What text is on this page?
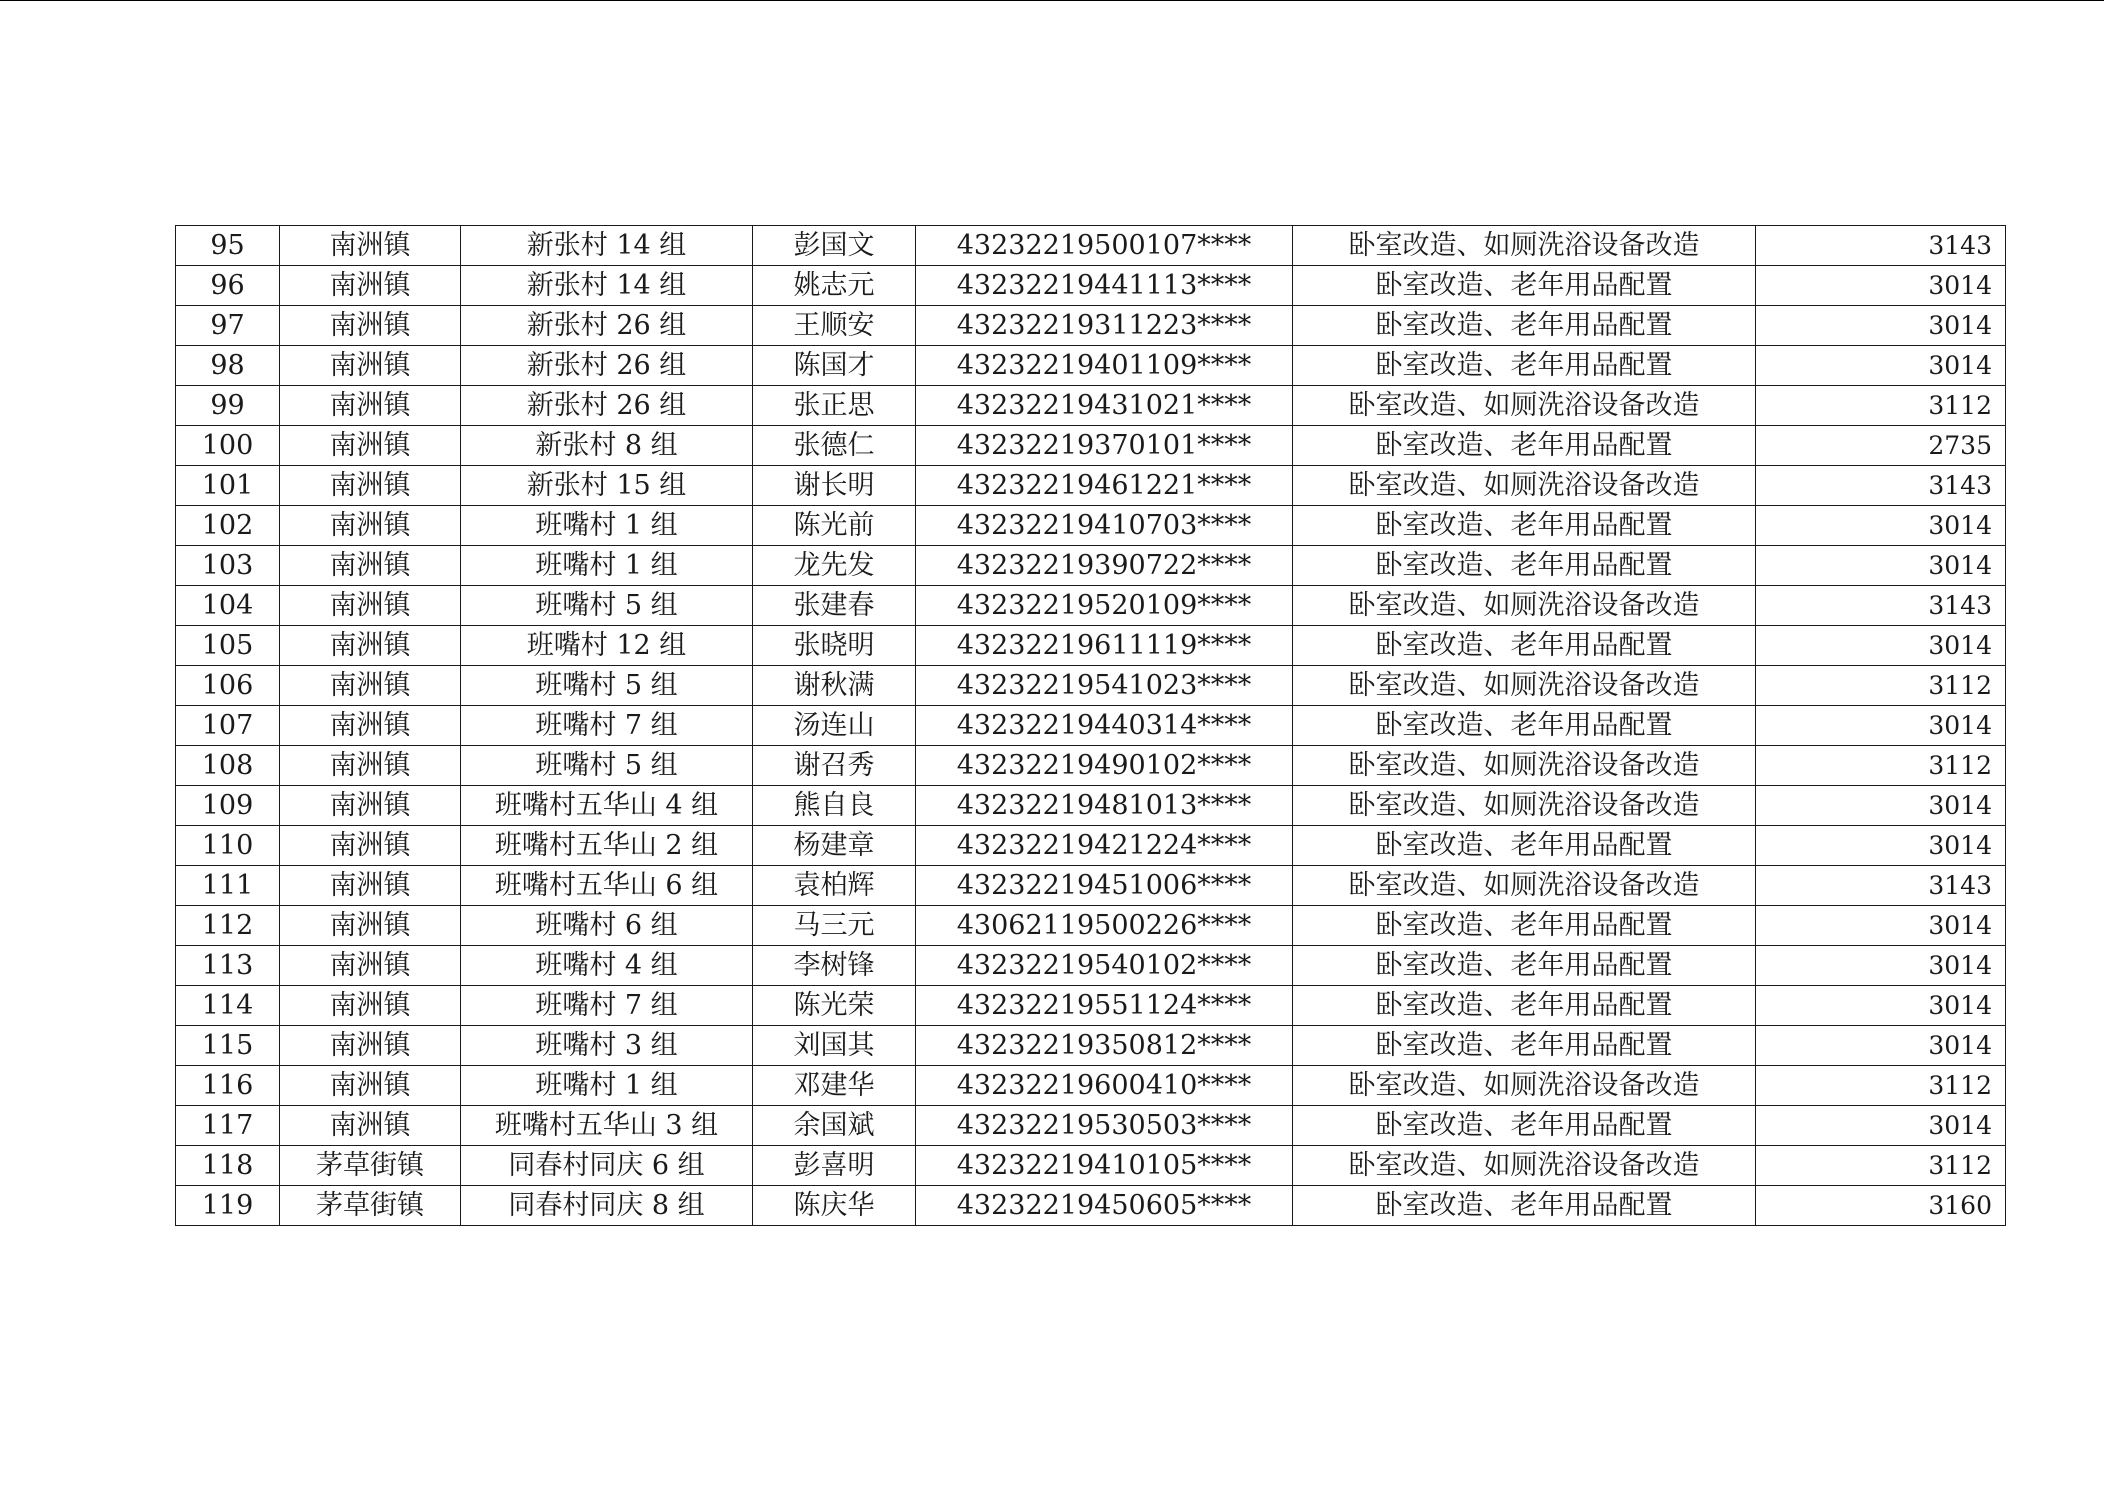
95	南洲镇	新张村 14 组	彭国文	43232219500107****	卧室改造、如厕洗浴设备改造	3143
96	南洲镇	新张村 14 组	姚志元	43232219441113****	卧室改造、老年用品配置	3014
97	南洲镇	新张村 26 组	王顺安	43232219311223****	卧室改造、老年用品配置	3014
98	南洲镇	新张村 26 组	陈国才	43232219401109****	卧室改造、老年用品配置	3014
99	南洲镇	新张村 26 组	张正思	43232219431021****	卧室改造、如厕洗浴设备改造	3112
100	南洲镇	新张村 8 组	张德仁	43232219370101****	卧室改造、老年用品配置	2735
101	南洲镇	新张村 15 组	谢长明	43232219461221****	卧室改造、如厕洗浴设备改造	3143
102	南洲镇	班嘴村 1 组	陈光前	43232219410703****	卧室改造、老年用品配置	3014
103	南洲镇	班嘴村 1 组	龙先发	43232219390722****	卧室改造、老年用品配置	3014
104	南洲镇	班嘴村 5 组	张建春	43232219520109****	卧室改造、如厕洗浴设备改造	3143
105	南洲镇	班嘴村 12 组	张晓明	43232219611119****	卧室改造、老年用品配置	3014
106	南洲镇	班嘴村 5 组	谢秋满	43232219541023****	卧室改造、如厕洗浴设备改造	3112
107	南洲镇	班嘴村 7 组	汤连山	43232219440314****	卧室改造、老年用品配置	3014
108	南洲镇	班嘴村 5 组	谢召秀	43232219490102****	卧室改造、如厕洗浴设备改造	3112
109	南洲镇	班嘴村五华山 4 组	熊自良	43232219481013****	卧室改造、如厕洗浴设备改造	3014
110	南洲镇	班嘴村五华山 2 组	杨建章	43232219421224****	卧室改造、老年用品配置	3014
111	南洲镇	班嘴村五华山 6 组	袁柏辉	43232219451006****	卧室改造、如厕洗浴设备改造	3143
112	南洲镇	班嘴村 6 组	马三元	43062119500226****	卧室改造、老年用品配置	3014
113	南洲镇	班嘴村 4 组	李树锋	43232219540102****	卧室改造、老年用品配置	3014
114	南洲镇	班嘴村 7 组	陈光荣	43232219551124****	卧室改造、老年用品配置	3014
115	南洲镇	班嘴村 3 组	刘国其	43232219350812****	卧室改造、老年用品配置	3014
116	南洲镇	班嘴村 1 组	邓建华	43232219600410****	卧室改造、如厕洗浴设备改造	3112
117	南洲镇	班嘴村五华山 3 组	余国斌	43232219530503****	卧室改造、老年用品配置	3014
118	茅草街镇	同春村同庆 6 组	彭喜明	43232219410105****	卧室改造、如厕洗浴设备改造	3112
119	茅草街镇	同春村同庆 8 组	陈庆华	43232219450605****	卧室改造、老年用品配置	3160
